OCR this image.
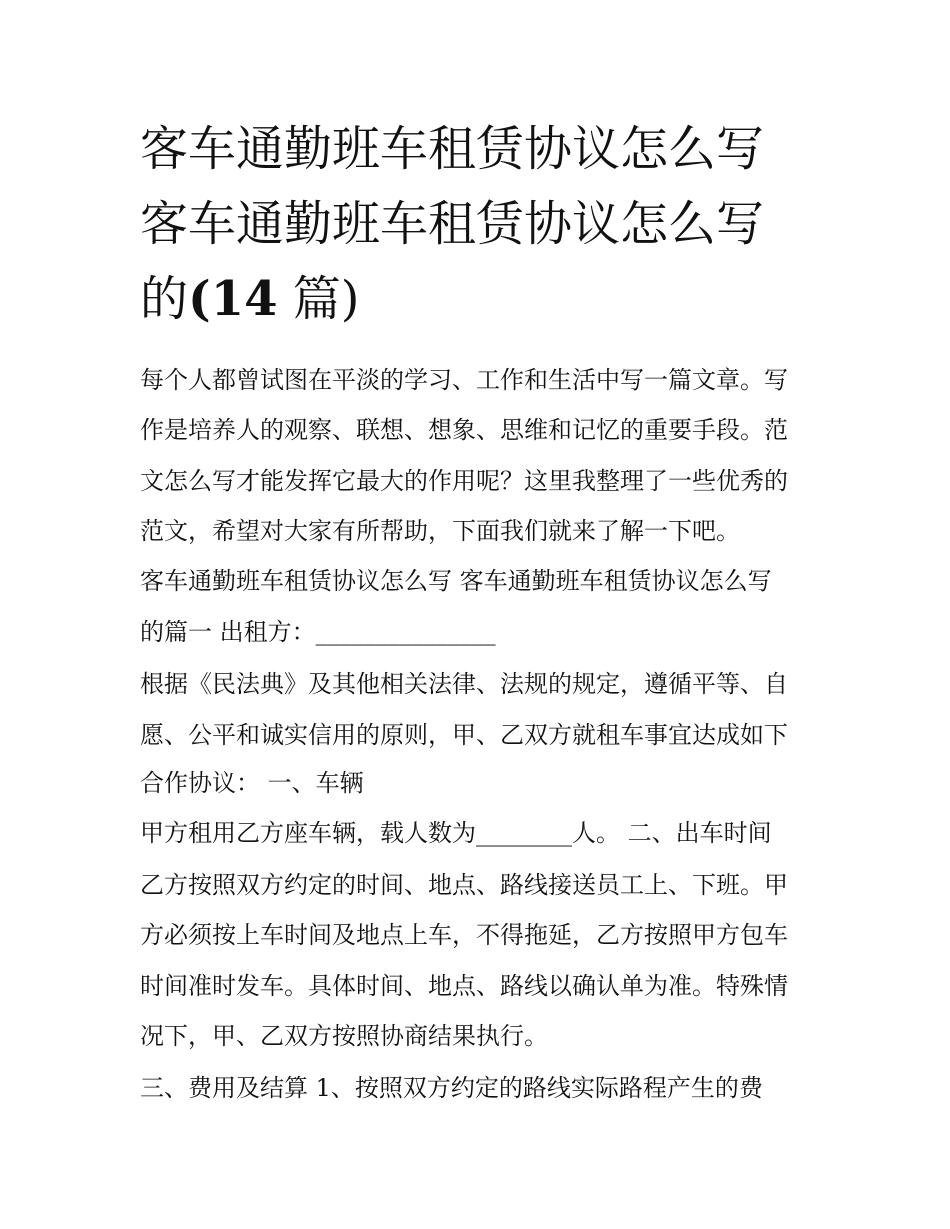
客车通勤班车租赁协议怎么写
客车通勤班车租赁协议怎么写
的(14 篇)
每个人都曾试图在平淡的学习、工作和生活中写一篇文章。写
作是培养人的观察、联想、想象、思维和记忆的重要手段。范
文怎么写才能发挥它最大的作用呢？这里我整理了一些优秀的
范文，希望对大家有所帮助，下面我们就来了解一下吧。
客车通勤班车租赁协议怎么写 客车通勤班车租赁协议怎么写
的篇一 出租方：_______________
根据《民法典》及其他相关法律、法规的规定，遵循平等、自
愿、公平和诚实信用的原则，甲、乙双方就租车事宜达成如下
合作协议： 一、车辆
甲方租用乙方座车辆，载人数为________人。 二、出车时间
乙方按照双方约定的时间、地点、路线接送员工上、下班。甲
方必须按上车时间及地点上车，不得拖延，乙方按照甲方包车
时间准时发车。具体时间、地点、路线以确认单为准。特殊情
况下，甲、乙双方按照协商结果执行。
三、费用及结算 1、按照双方约定的路线实际路程产生的费
